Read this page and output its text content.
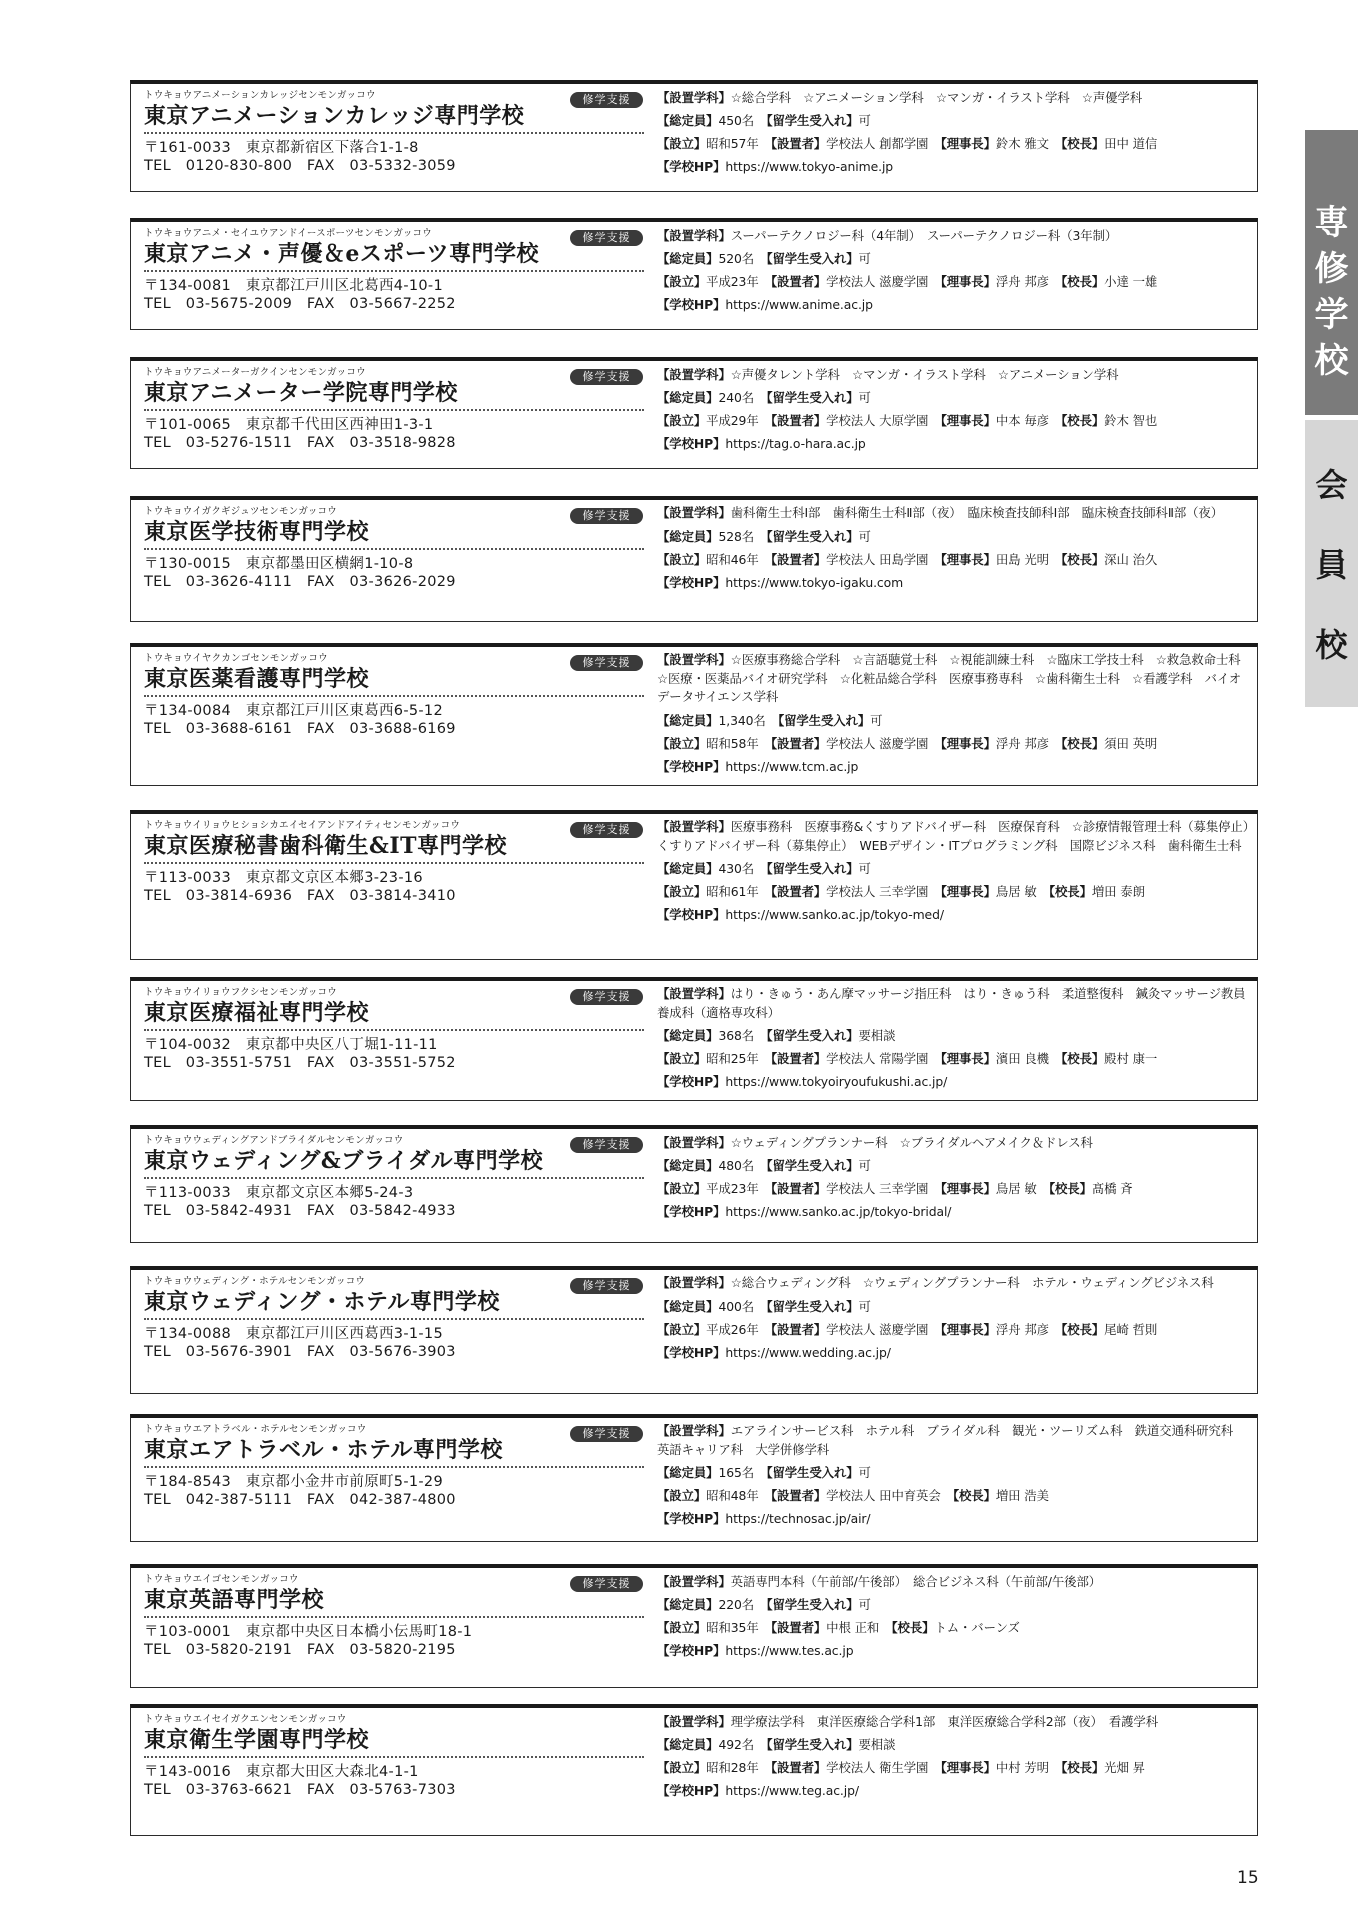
トウキョウアニメーションカレッジセンモンガッコウ
東京アニメーションカレッジ専門学校
〒161-0033　東京都新宿区下落合1-1-8
TEL　0120-830-800　FAX　03-5332-3059
修学支援	【設置学科】☆総合学科　☆アニメーション学科　☆マンガ・イラスト学科　☆声優学科
【総定員】450名　【留学生受入れ】可
【設立】昭和57年　【設置者】学校法人 創都学園　【理事長】鈴木 雅文　【校長】田中 道信
【学校HP】https://www.tokyo-anime.jp
トウキョウアニメ・セイユウアンドイースポーツセンモンガッコウ
東京アニメ・声優＆eスポーツ専門学校
〒134-0081　東京都江戸川区北葛西4-10-1
TEL　03-5675-2009　FAX　03-5667-2252
修学支援	【設置学科】スーパーテクノロジー科（4年制）　スーパーテクノロジー科（3年制）
【総定員】520名　【留学生受入れ】可
【設立】平成23年　【設置者】学校法人 滋慶学園　【理事長】浮舟 邦彦　【校長】小達 一雄
【学校HP】https://www.anime.ac.jp
トウキョウアニメーターガクインセンモンガッコウ
東京アニメーター学院専門学校
〒101-0065　東京都千代田区西神田1-3-1
TEL　03-5276-1511　FAX　03-3518-9828
修学支援	【設置学科】☆声優タレント学科　☆マンガ・イラスト学科　☆アニメーション学科
【総定員】240名　【留学生受入れ】可
【設立】平成29年　【設置者】学校法人 大原学園　【理事長】中本 毎彦　【校長】鈴木 智也
【学校HP】https://tag.o-hara.ac.jp
トウキョウイガクギジュツセンモンガッコウ
東京医学技術専門学校
〒130-0015　東京都墨田区横網1-10-8
TEL　03-3626-4111　FAX　03-3626-2029
修学支援	【設置学科】歯科衛生士科Ⅰ部　歯科衛生士科Ⅱ部（夜）　臨床検査技師科Ⅰ部　臨床検査技師科Ⅱ部（夜）
【総定員】528名　【留学生受入れ】可
【設立】昭和46年　【設置者】学校法人 田島学園　【理事長】田島 光明　【校長】深山 治久
【学校HP】https://www.tokyo-igaku.com
トウキョウイヤクカンゴセンモンガッコウ
東京医薬看護専門学校
〒134-0084　東京都江戸川区東葛西6-5-12
TEL　03-3688-6161　FAX　03-3688-6169
修学支援	【設置学科】☆医療事務総合学科　☆言語聴覚士科　☆視能訓練士科　☆臨床工学技士科　☆救急救命士科　☆医療・医薬品バイオ研究学科　☆化粧品総合学科　医療事務専科　☆歯科衛生士科　☆看護学科　バイオデータサイエンス学科
【総定員】1,340名　【留学生受入れ】可
【設立】昭和58年　【設置者】学校法人 滋慶学園　【理事長】浮舟 邦彦　【校長】須田 英明
【学校HP】https://www.tcm.ac.jp
トウキョウイリョウヒショシカエイセイアンドアイティセンモンガッコウ
東京医療秘書歯科衛生&IT専門学校
〒113-0033　東京都文京区本郷3-23-16
TEL　03-3814-6936　FAX　03-3814-3410
修学支援	【設置学科】医療事務科　医療事務&くすりアドバイザー科　医療保育科　☆診療情報管理士科（募集停止）　くすりアドバイザー科（募集停止）　WEBデザイン・ITプログラミング科　国際ビジネス科　歯科衛生士科
【総定員】430名　【留学生受入れ】可
【設立】昭和61年　【設置者】学校法人 三幸学園　【理事長】鳥居 敏　【校長】増田 泰朗
【学校HP】https://www.sanko.ac.jp/tokyo-med/
トウキョウイリョウフクシセンモンガッコウ
東京医療福祉専門学校
〒104-0032　東京都中央区八丁堀1-11-11
TEL　03-3551-5751　FAX　03-3551-5752
修学支援	【設置学科】はり・きゅう・あん摩マッサージ指圧科　はり・きゅう科　柔道整復科　鍼灸マッサージ教員養成科（適格専攻科）
【総定員】368名　【留学生受入れ】要相談
【設立】昭和25年　【設置者】学校法人 常陽学園　【理事長】濱田 良機　【校長】殿村 康一
【学校HP】https://www.tokyoiryoufukushi.ac.jp/
トウキョウウェディングアンドブライダルセンモンガッコウ
東京ウェディング&ブライダル専門学校
〒113-0033　東京都文京区本郷5-24-3
TEL　03-5842-4931　FAX　03-5842-4933
修学支援	【設置学科】☆ウェディングプランナー科　☆ブライダルヘアメイク＆ドレス科
【総定員】480名　【留学生受入れ】可
【設立】平成23年　【設置者】学校法人 三幸学園　【理事長】鳥居 敏　【校長】髙橋 斉
【学校HP】https://www.sanko.ac.jp/tokyo-bridal/
トウキョウウェディング・ホテルセンモンガッコウ
東京ウェディング・ホテル専門学校
〒134-0088　東京都江戸川区西葛西3-1-15
TEL　03-5676-3901　FAX　03-5676-3903
修学支援	【設置学科】☆総合ウェディング科　☆ウェディングプランナー科　ホテル・ウェディングビジネス科
【総定員】400名　【留学生受入れ】可
【設立】平成26年　【設置者】学校法人 滋慶学園　【理事長】浮舟 邦彦　【校長】尾崎 哲則
【学校HP】https://www.wedding.ac.jp/
トウキョウエアトラベル・ホテルセンモンガッコウ
東京エアトラベル・ホテル専門学校
〒184-8543　東京都小金井市前原町5-1-29
TEL　042-387-5111　FAX　042-387-4800
修学支援	【設置学科】エアラインサービス科　ホテル科　ブライダル科　観光・ツーリズム科　鉄道交通科研究科　英語キャリア科　大学併修学科
【総定員】165名　【留学生受入れ】可
【設立】昭和48年　【設置者】学校法人 田中育英会　【校長】増田 浩美
【学校HP】https://technosac.jp/air/
トウキョウエイゴセンモンガッコウ
東京英語専門学校
〒103-0001　東京都中央区日本橋小伝馬町18-1
TEL　03-5820-2191　FAX　03-5820-2195
修学支援	【設置学科】英語専門本科（午前部/午後部）　総合ビジネス科（午前部/午後部）
【総定員】220名　【留学生受入れ】可
【設立】昭和35年　【設置者】中根 正和　【校長】トム・バーンズ
【学校HP】https://www.tes.ac.jp
トウキョウエイセイガクエンセンモンガッコウ
東京衛生学園専門学校
〒143-0016　東京都大田区大森北4-1-1
TEL　03-3763-6621　FAX　03-5763-7303
【設置学科】理学療法学科　東洋医療総合学科1部　東洋医療総合学科2部（夜）　看護学科
【総定員】492名　【留学生受入れ】要相談
【設立】昭和28年　【設置者】学校法人 衛生学園　【理事長】中村 芳明　【校長】光畑 昇
【学校HP】https://www.teg.ac.jp/
専
修
学
校
会
員
校
15
